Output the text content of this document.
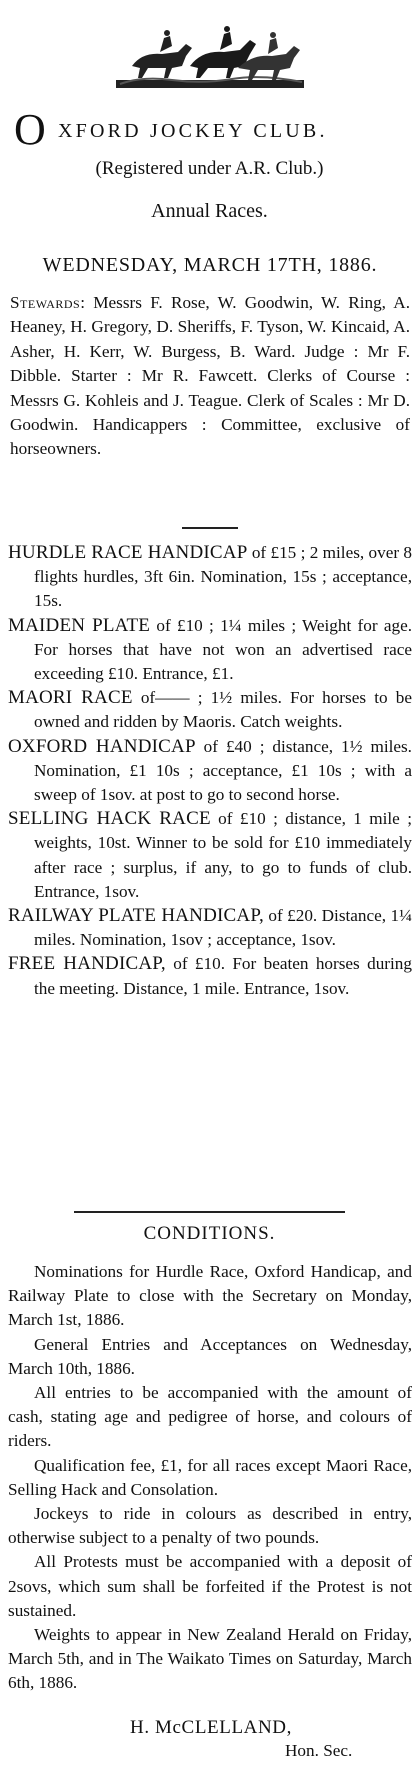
O XFORD JOCKEY CLUB.
(Registered under A.R. Club.)
Annual Races.
WEDNESDAY, MARCH 17TH, 1886.

Stewards: Messrs F. Rose, W. Goodwin, W. Ring, A. Heaney, H. Gregory, D. Sheriffs, F. Tyson, W. Kincaid, A. Asher, H. Kerr, W. Burgess, B. Ward. Judge : Mr F. Dibble. Starter : Mr R. Fawcett. Clerks of Course : Messrs G. Kohleis and J. Teague. Clerk of Scales : Mr D. Goodwin. Handicappers : Committee, exclusive of horseowners.

HURDLE RACE HANDICAP of £15 ; 2 miles, over 8 flights hurdles, 3ft 6in. Nomination, 15s ; acceptance, 15s.
MAIDEN PLATE of £10 ; 1¼ miles ; Weight for age. For horses that have not won an advertised race exceeding £10. Entrance, £1.
MAORI RACE of—— ; 1½ miles. For horses to be owned and ridden by Maoris. Catch weights.
OXFORD HANDICAP of £40 ; distance, 1½ miles. Nomination, £1 10s ; acceptance, £1 10s ; with a sweep of 1sov. at post to go to second horse.
SELLING HACK RACE of £10 ; distance, 1 mile ; weights, 10st. Winner to be sold for £10 immediately after race ; surplus, if any, to go to funds of club. Entrance, 1sov.
RAILWAY PLATE HANDICAP, of £20. Distance, 1¼ miles. Nomination, 1sov ; acceptance, 1sov.
FREE HANDICAP, of £10. For beaten horses during the meeting. Distance, 1 mile. Entrance, 1sov.
CONDITIONS.
Nominations for Hurdle Race, Oxford Handicap, and Railway Plate to close with the Secretary on Monday, March 1st, 1886.
General Entries and Acceptances on Wednesday, March 10th, 1886.
All entries to be accompanied with the amount of cash, stating age and pedigree of horse, and colours of riders.
Qualification fee, £1, for all races except Maori Race, Selling Hack and Consolation.
Jockeys to ride in colours as described in entry, otherwise subject to a penalty of two pounds.
All Protests must be accompanied with a deposit of 2sovs, which sum shall be forfeited if the Protest is not sustained.
Weights to appear in New Zealand Herald on Friday, March 5th, and in The Waikato Times on Saturday, March 6th, 1886.
H. McCLELLAND,
Hon. Sec.
